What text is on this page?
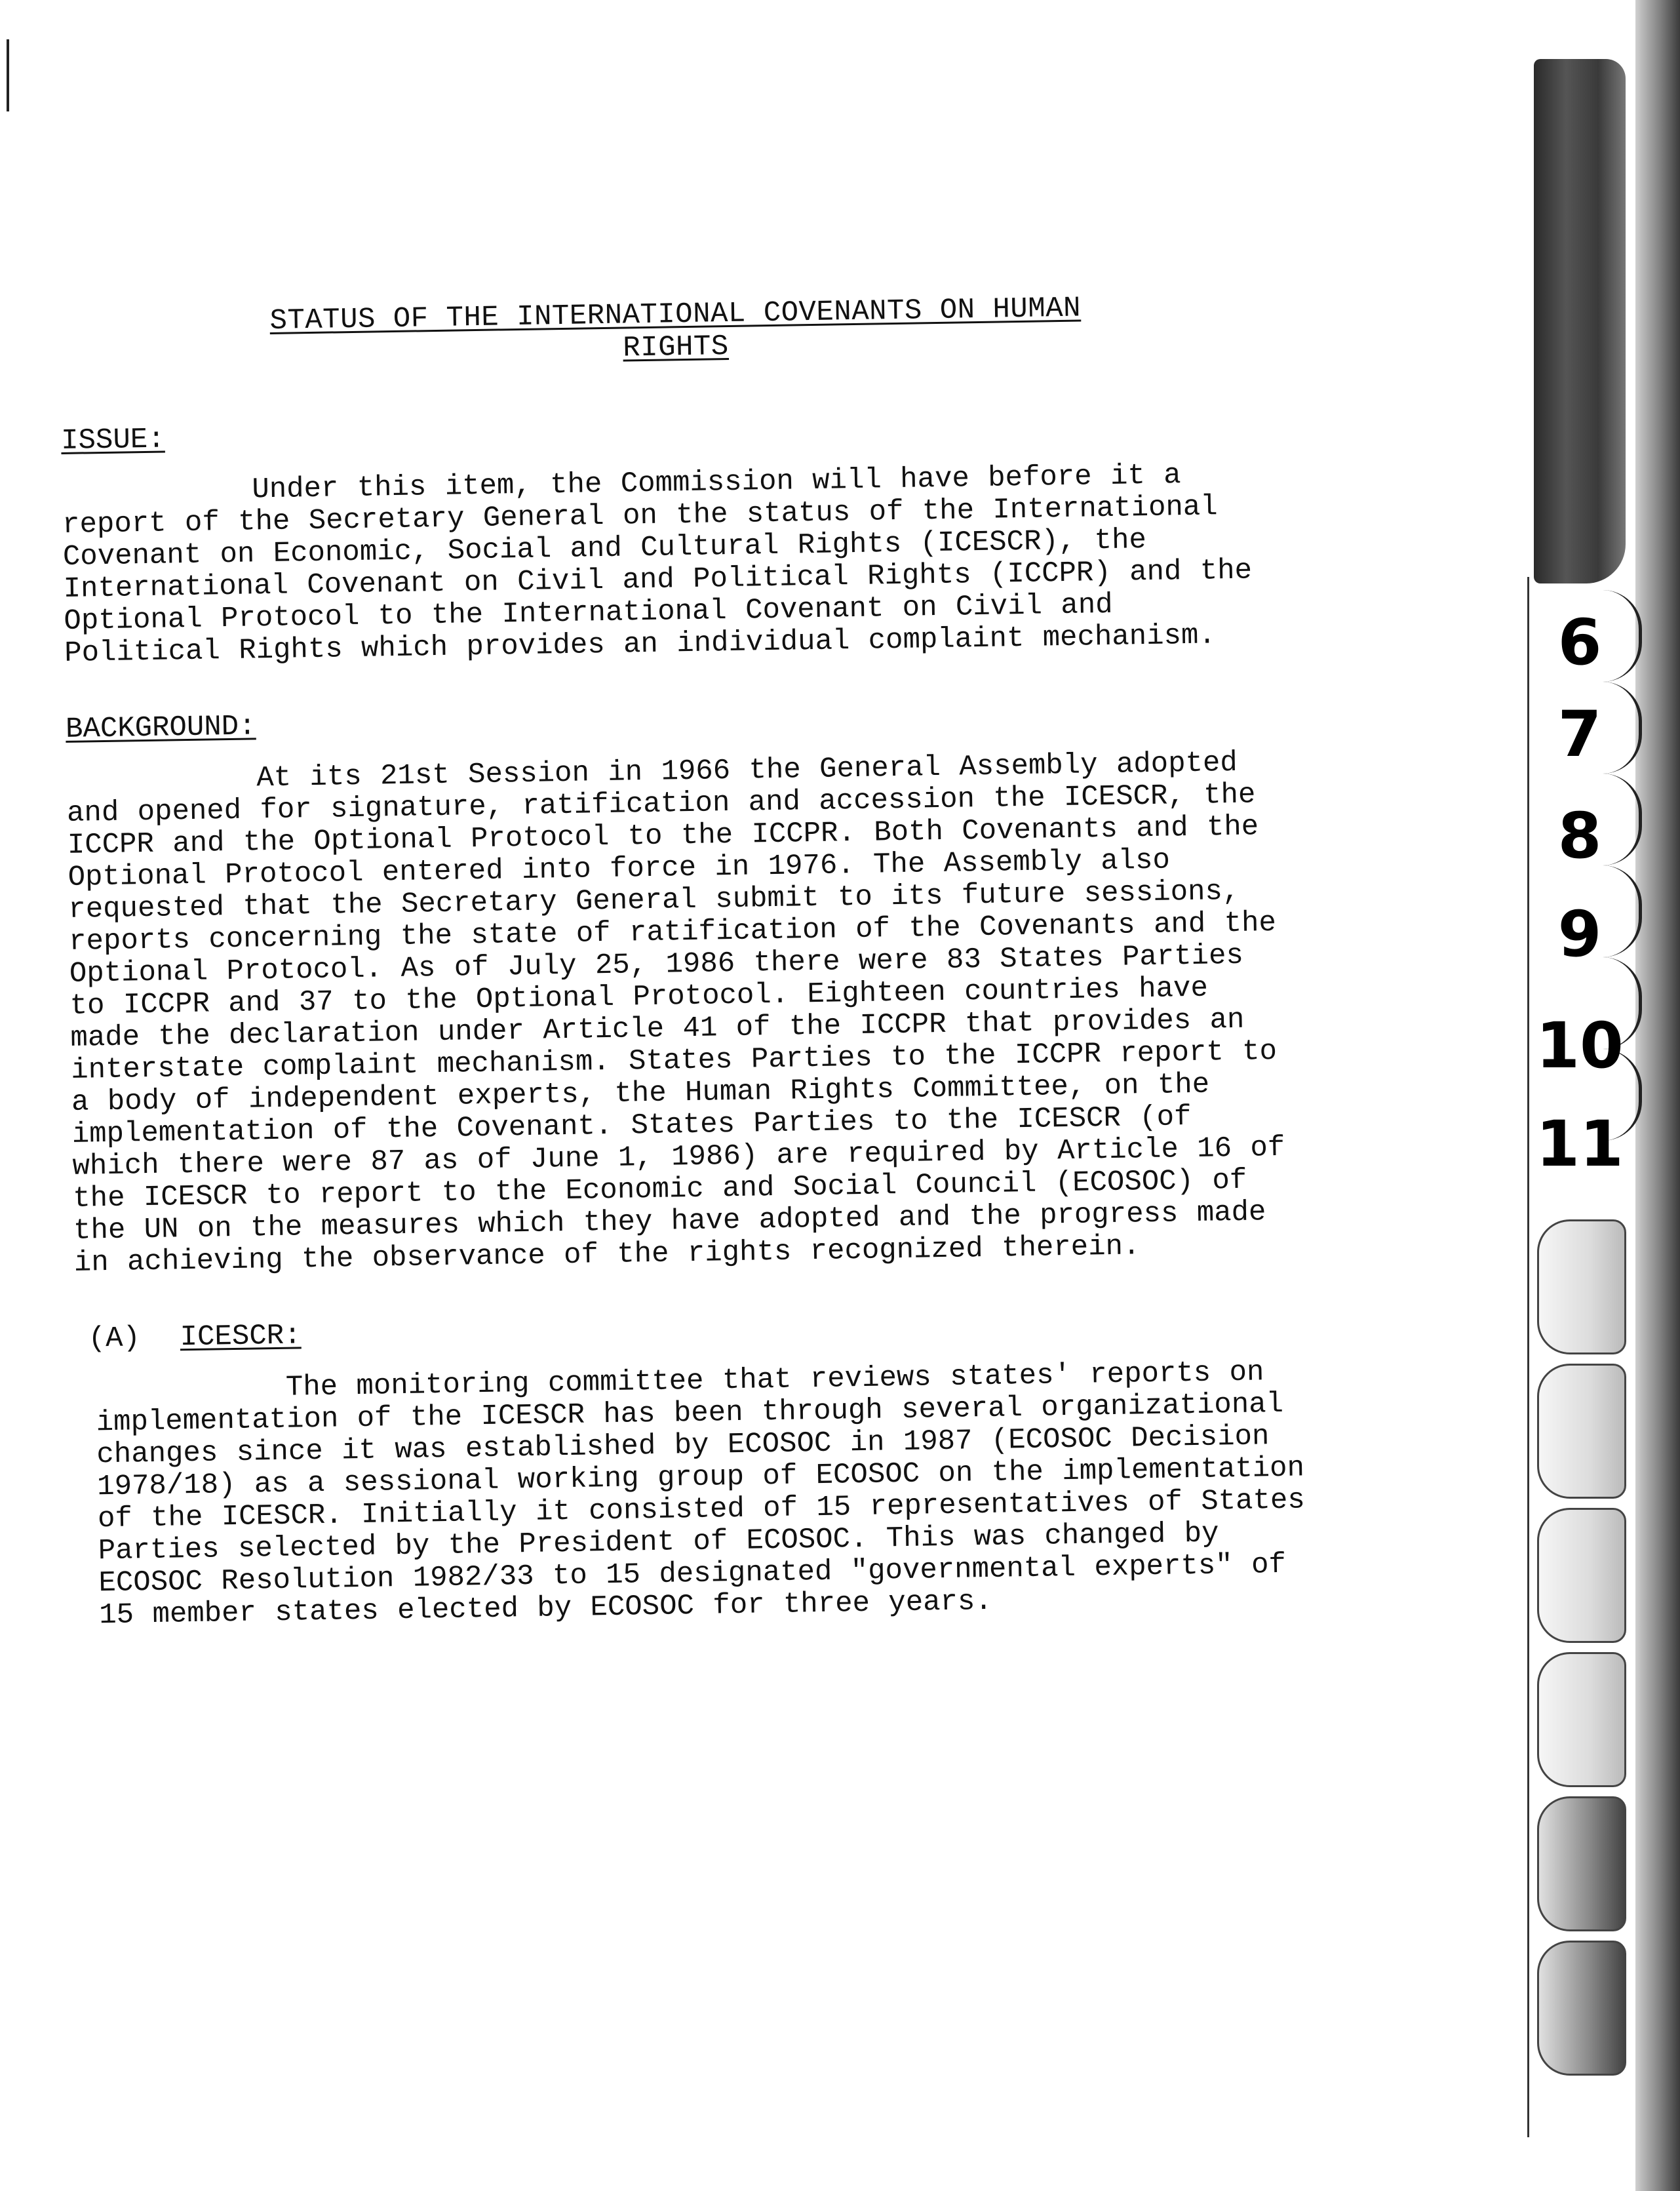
STATUS OF THE INTERNATIONAL COVENANTS ON HUMAN
RIGHTS
ISSUE:

Under this item, the Commission will have before it a report of the Secretary General on the status of the International Covenant on Economic, Social and Cultural Rights (ICESCR), the International Covenant on Civil and Political Rights (ICCPR) and the Optional Protocol to the International Covenant on Civil and Political Rights which provides an individual complaint mechanism.

BACKGROUND:

At its 21st Session in 1966 the General Assembly adopted and opened for signature, ratification and accession the ICESCR, the ICCPR and the Optional Protocol to the ICCPR. Both Covenants and the Optional Protocol entered into force in 1976. The Assembly also requested that the Secretary General submit to its future sessions, reports concerning the state of ratification of the Covenants and the Optional Protocol. As of July 25, 1986 there were 83 States Parties to ICCPR and 37 to the Optional Protocol. Eighteen countries have made the declaration under Article 41 of the ICCPR that provides an interstate complaint mechanism. States Parties to the ICCPR report to a body of independent experts, the Human Rights Committee, on the implementation of the Covenant. States Parties to the ICESCR (of which there were 87 as of June 1, 1986) are required by Article 16 of the ICESCR to report to the Economic and Social Council (ECOSOC) of the UN on the measures which they have adopted and the progress made in achieving the observance of the rights recognized therein.

(A) ICESCR:

The monitoring committee that reviews states' reports on implementation of the ICESCR has been through several organizational changes since it was established by ECOSOC in 1987 (ECOSOC Decision 1978/18) as a sessional working group of ECOSOC on the implementation of the ICESCR. Initially it consisted of 15 representatives of States Parties selected by the President of ECOSOC. This was changed by ECOSOC Resolution 1982/33 to 15 designated "governmental experts" of 15 member states elected by ECOSOC for three years.

6
7
8
9
10
11
